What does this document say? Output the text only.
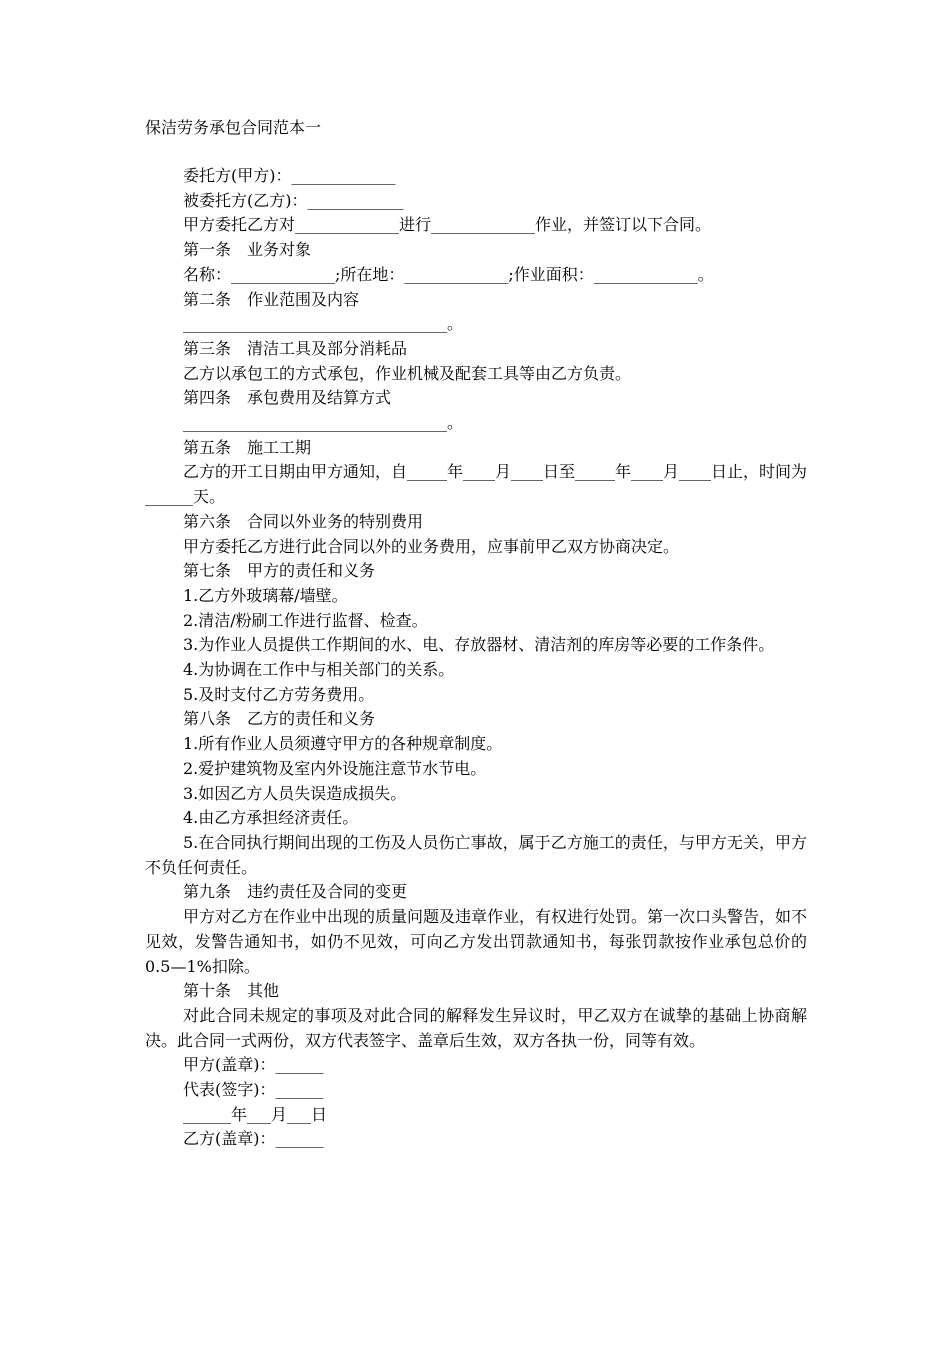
保洁劳务承包合同范本一

委托方(甲方)：_____________

被委托方(乙方)：____________

甲方委托乙方对_____________进行_____________作业，并签订以下合同。

第一条　业务对象

名称：_____________;所在地：_____________;作业面积：_____________。

第二条　作业范围及内容

_________________________________。

第三条　清洁工具及部分消耗品

乙方以承包工的方式承包，作业机械及配套工具等由乙方负责。

第四条　承包费用及结算方式

_________________________________。

第五条　施工工期

乙方的开工日期由甲方通知，自_____年____月____日至_____年____月____日止，时间为______天。

第六条　合同以外业务的特别费用

甲方委托乙方进行此合同以外的业务费用，应事前甲乙双方协商决定。

第七条　甲方的责任和义务

1.乙方外玻璃幕/墙壁。

2.清洁/粉刷工作进行监督、检查。

3.为作业人员提供工作期间的水、电、存放器材、清洁剂的库房等必要的工作条件。

4.为协调在工作中与相关部门的关系。

5.及时支付乙方劳务费用。

第八条　乙方的责任和义务

1.所有作业人员须遵守甲方的各种规章制度。

2.爱护建筑物及室内外设施注意节水节电。

3.如因乙方人员失误造成损失。

4.由乙方承担经济责任。

5.在合同执行期间出现的工伤及人员伤亡事故，属于乙方施工的责任，与甲方无关，甲方不负任何责任。

第九条　违约责任及合同的变更

甲方对乙方在作业中出现的质量问题及违章作业，有权进行处罚。第一次口头警告，如不见效，发警告通知书，如仍不见效，可向乙方发出罚款通知书，每张罚款按作业承包总价的 0.5—1%扣除。

第十条　其他

对此合同未规定的事项及对此合同的解释发生异议时，甲乙双方在诚挚的基础上协商解决。此合同一式两份，双方代表签字、盖章后生效，双方各执一份，同等有效。

甲方(盖章)：______

代表(签字)：______

______年___月___日

乙方(盖章)：______
